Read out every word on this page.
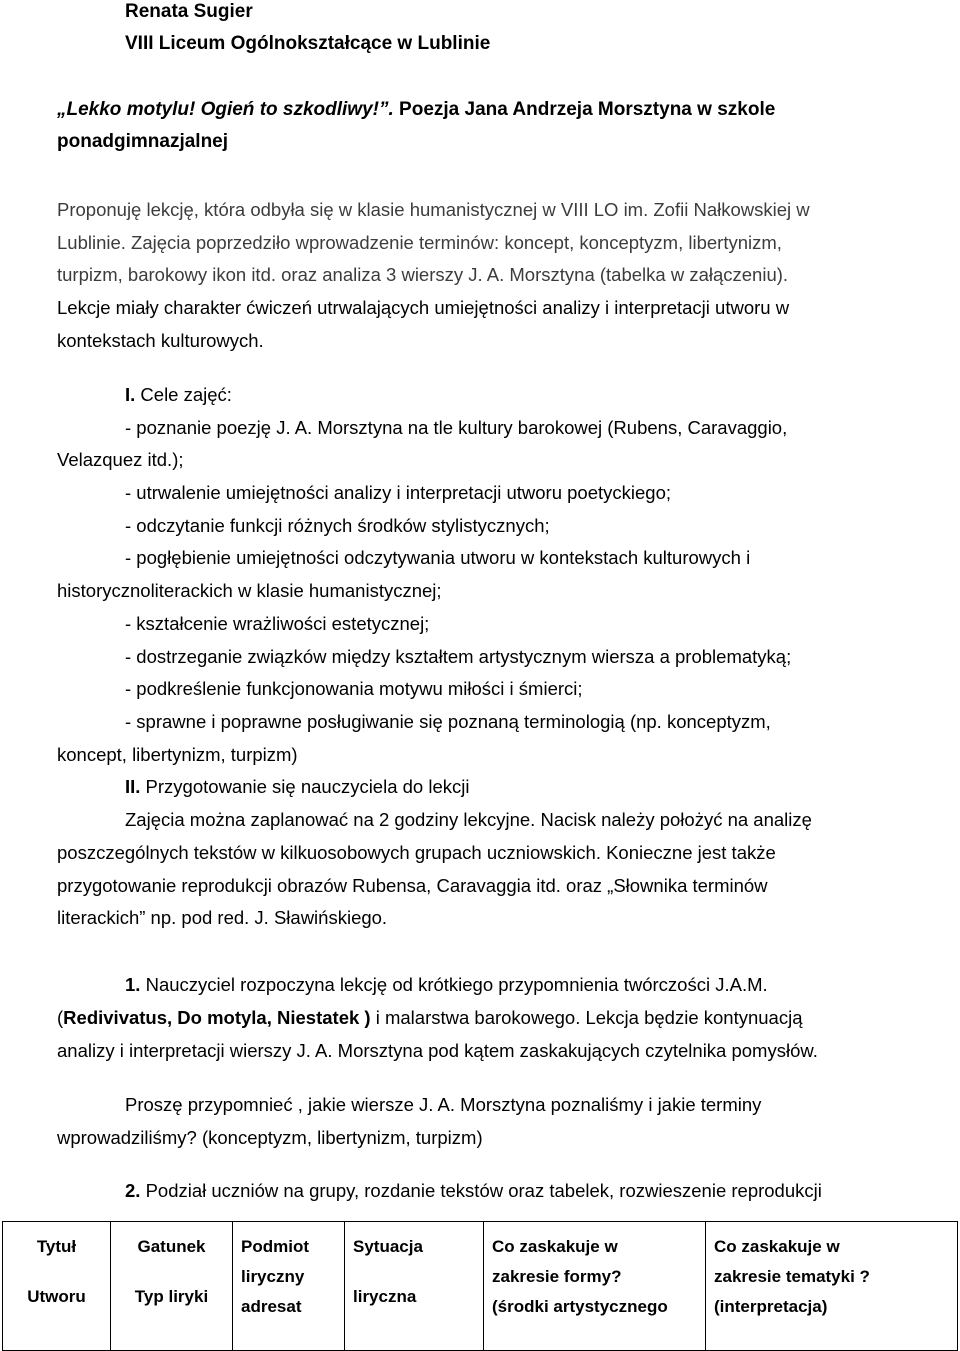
Renata Sugier
VIII Liceum Ogólnokształcące w Lublinie
„Lekko motylu! Ogień to szkodliwy!”. Poezja Jana Andrzeja Morsztyna w szkole
ponadgimnazjalnej
Proponuję lekcję, która odbyła się w klasie humanistycznej w VIII LO im. Zofii Nałkowskiej w
Lublinie. Zajęcia poprzedziło wprowadzenie terminów: koncept, konceptyzm, libertynizm,
turpizm, barokowy ikon itd. oraz analiza 3 wierszy J. A. Morsztyna (tabelka w załączeniu).
Lekcje miały charakter ćwiczeń utrwalających umiejętności analizy i interpretacji utworu w
kontekstach kulturowych.
I. Cele zajęć:
- poznanie poezję J. A. Morsztyna na tle kultury barokowej (Rubens, Caravaggio,
Velazquez itd.);
- utrwalenie umiejętności analizy i interpretacji utworu poetyckiego;
- odczytanie funkcji różnych środków stylistycznych;
- pogłębienie umiejętności odczytywania utworu w kontekstach kulturowych i
historycznoliterackich w klasie humanistycznej;
- kształcenie wrażliwości estetycznej;
- dostrzeganie związków między kształtem artystycznym wiersza a problematyką;
- podkreślenie funkcjonowania motywu miłości i śmierci;
- sprawne i poprawne posługiwanie się poznaną terminologią (np. konceptyzm,
koncept, libertynizm, turpizm)
II. Przygotowanie się nauczyciela do lekcji
Zajęcia można zaplanować na 2 godziny lekcyjne. Nacisk należy położyć na analizę
poszczególnych tekstów w kilkuosobowych grupach uczniowskich. Konieczne jest także
przygotowanie reprodukcji obrazów Rubensa, Caravaggia itd. oraz „Słownika terminów
literackich” np. pod red. J. Sławińskiego.
1. Nauczyciel rozpoczyna lekcję od krótkiego przypomnienia twórczości J.A.M.
(Redivivatus, Do motyla, Niestatek ) i malarstwa barokowego. Lekcja będzie kontynuacją
analizy i interpretacji wierszy J. A. Morsztyna pod kątem zaskakujących czytelnika pomysłów.
Proszę przypomnieć , jakie wiersze J. A. Morsztyna poznaliśmy i jakie terminy
wprowadziliśmy? (konceptyzm, libertynizm, turpizm)
2. Podział uczniów na grupy, rozdanie tekstów oraz tabelek, rozwieszenie reprodukcji
Tytuł
Utworu

Gatunek
Typ liryki

Podmiot
liryczny
adresat

Sytuacja
liryczna

Co zaskakuje w
zakresie formy?
(środki artystycznego

Co zaskakuje w
zakresie tematyki ?
(interpretacja)
